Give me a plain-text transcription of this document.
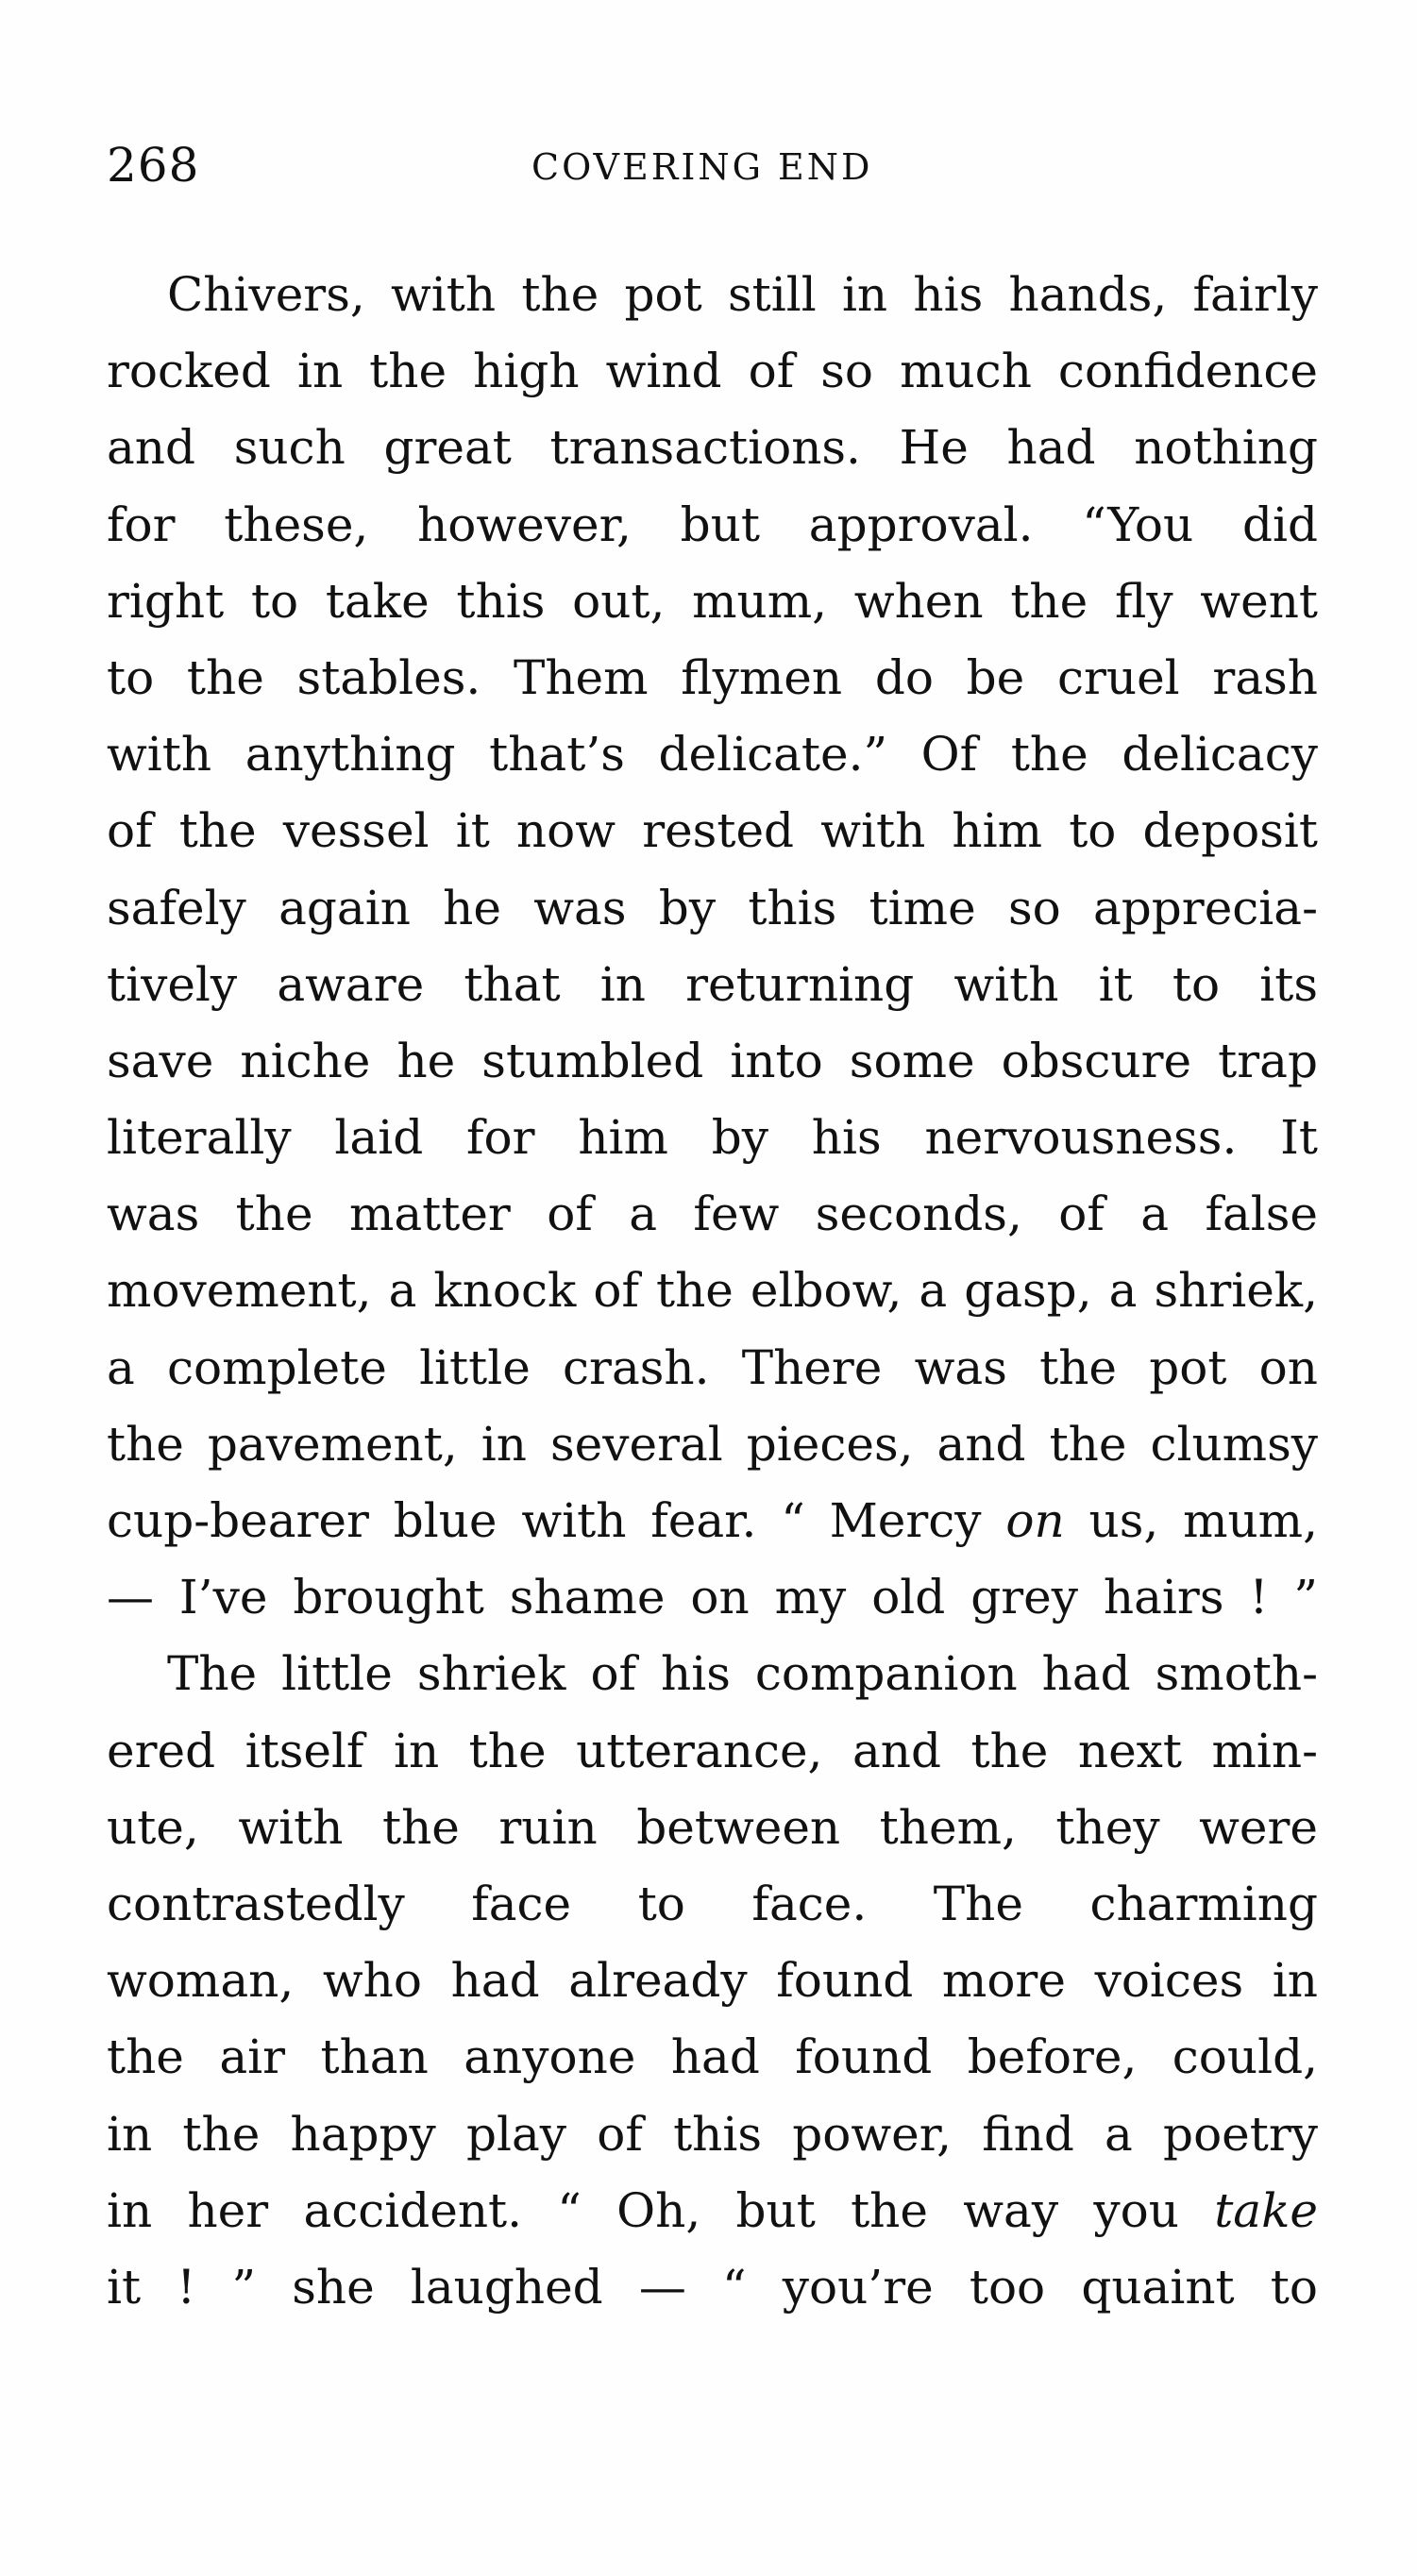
268	COVERING END
Chivers, with the pot still in his hands, fairly
rocked in the high wind of so much confidence
and such great transactions. He had nothing
for these, however, but approval. “You did
right to take this out, mum, when the fly went
to the stables. Them flymen do be cruel rash
with anything that’s delicate.” Of the delicacy
of the vessel it now rested with him to deposit
safely again he was by this time so apprecia-
tively aware that in returning with it to its
save niche he stumbled into some obscure trap
literally laid for him by his nervousness. It
was the matter of a few seconds, of a false
movement, a knock of the elbow, a gasp, a shriek,
a complete little crash. There was the pot on
the pavement, in several pieces, and the clumsy
cup-bearer blue with fear. “ Mercy on us, mum,
— I’ve brought shame on my old grey hairs ! ”
The little shriek of his companion had smoth-
ered itself in the utterance, and the next min-
ute, with the ruin between them, they were
contrastedly face to face. The charming
woman, who had already found more voices in
the air than anyone had found before, could,
in the happy play of this power, find a poetry
in her accident. “ Oh, but the way you take
it ! ” she laughed — “ you’re too quaint to
